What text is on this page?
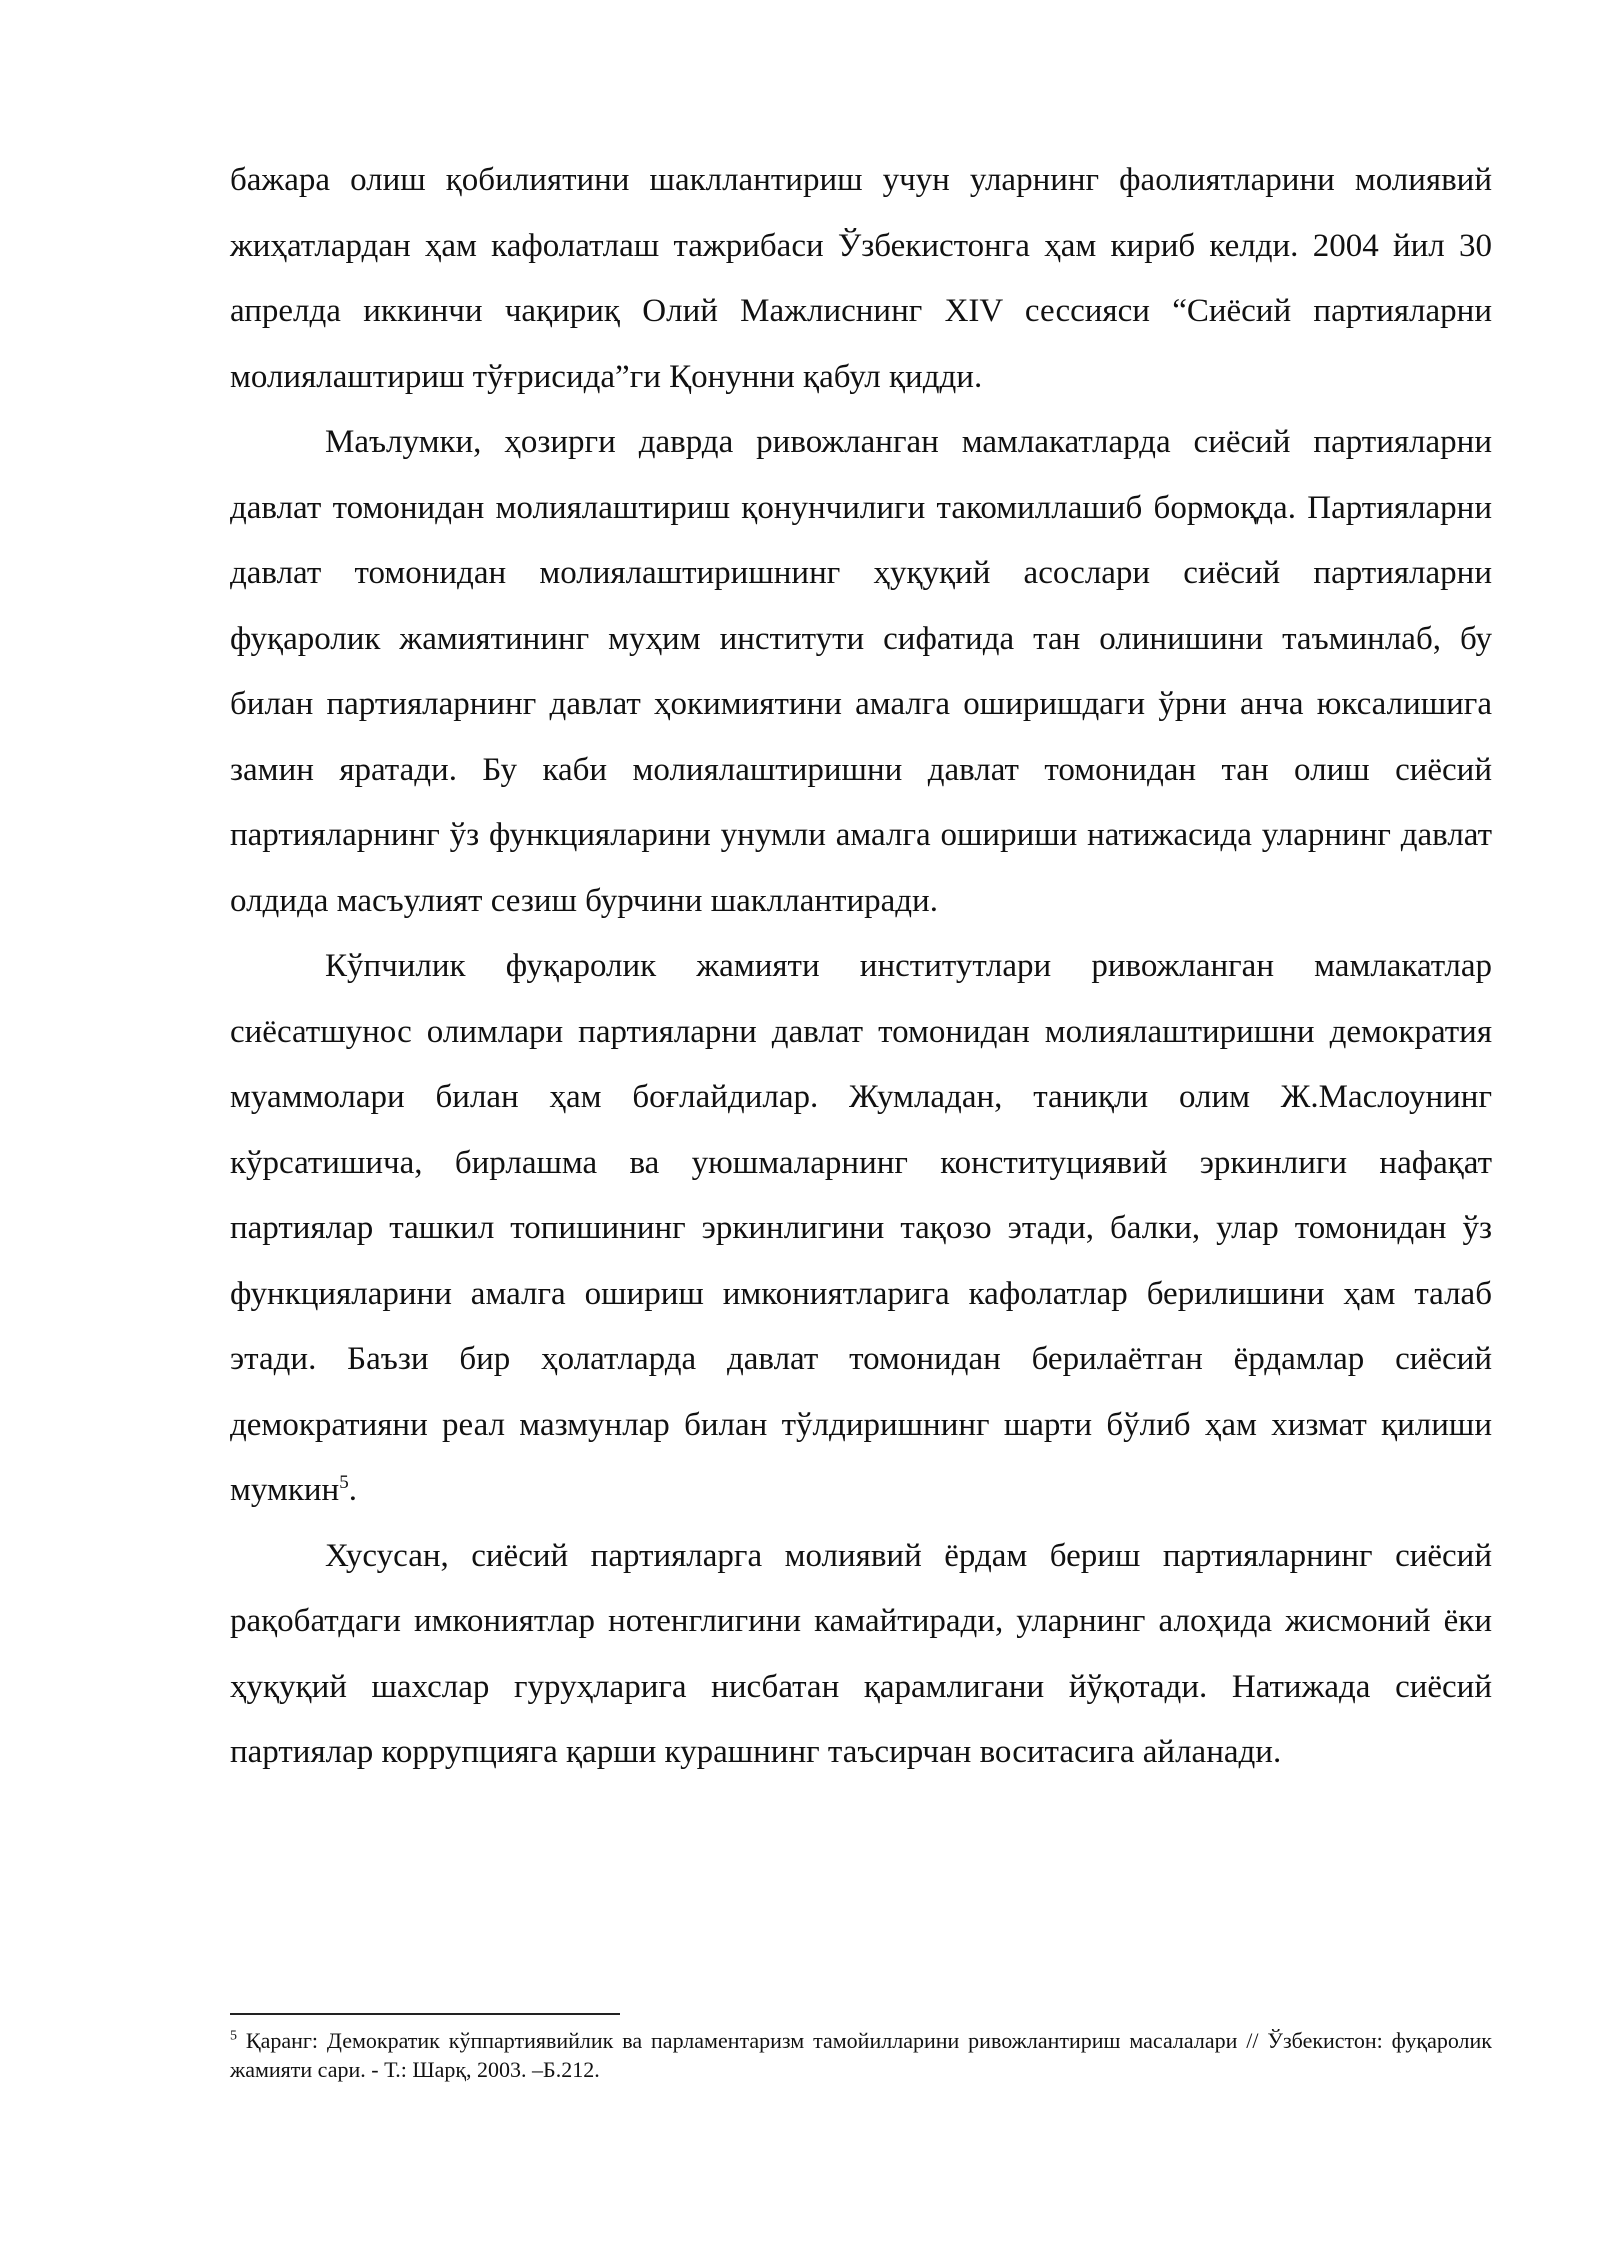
бажара олиш қобилиятини шакллантириш учун уларнинг фаолиятларини молиявий жиҳатлардан ҳам кафолатлаш тажрибаси Ўзбекистонга ҳам кириб келди. 2004 йил 30 апрелда иккинчи чақириқ Олий Мажлиснинг XIV сессияси “Сиёсий партияларни молиялаштириш тўғрисида”ги Қонунни қабул қидди.

Маълумки, ҳозирги даврда ривожланган мамлакатларда сиёсий партияларни давлат томонидан молиялаштириш қонунчилиги такомиллашиб бормоқда. Партияларни давлат томонидан молиялаштиришнинг ҳуқуқий асослари сиёсий партияларни фуқаролик жамиятининг муҳим институти сифатида тан олинишини таъминлаб, бу билан партияларнинг давлат ҳокимиятини амалга оширишдаги ўрни анча юксалишига замин яратади. Бу каби молиялаштиришни давлат томонидан тан олиш сиёсий партияларнинг ўз функцияларини унумли амалга ошириши натижасида уларнинг давлат олдида масъулият сезиш бурчини шакллантиради.

Кўпчилик фуқаролик жамияти институтлари ривожланган мамлакатлар сиёсатшунос олимлари партияларни давлат томонидан молиялаштиришни демократия муаммолари билан ҳам боғлайдилар. Жумладан, таниқли олим Ж.Маслоунинг кўрсатишича, бирлашма ва уюшмаларнинг конституциявий эркинлиги нафақат партиялар ташкил топишининг эркинлигини тақозо этади, балки, улар томонидан ўз функцияларини амалга ошириш имкониятларига кафолатлар берилишини ҳам талаб этади. Баъзи бир ҳолатларда давлат томонидан берилаётган ёрдамлар сиёсий демократияни реал мазмунлар билан тўлдиришнинг шарти бўлиб ҳам хизмат қилиши мумкин$^5$.

Хусусан, сиёсий партияларга молиявий ёрдам бериш партияларнинг сиёсий рақобатдаги имкониятлар нотенглигини камайтиради, уларнинг алоҳида жисмоний ёки ҳуқуқий шахслар гуруҳларига нисбатан қарамлигани йўқотади. Натижада сиёсий партиялар коррупцияга қарши курашнинг таъсирчан воситасига айланади.

$^5$ Қаранг: Демократик кўппартиявийлик ва парламентаризм тамойилларини ривожлантириш масалалари // Ўзбекистон: фуқаролик жамияти сари. - Т.: Шарқ, 2003. –Б.212.
